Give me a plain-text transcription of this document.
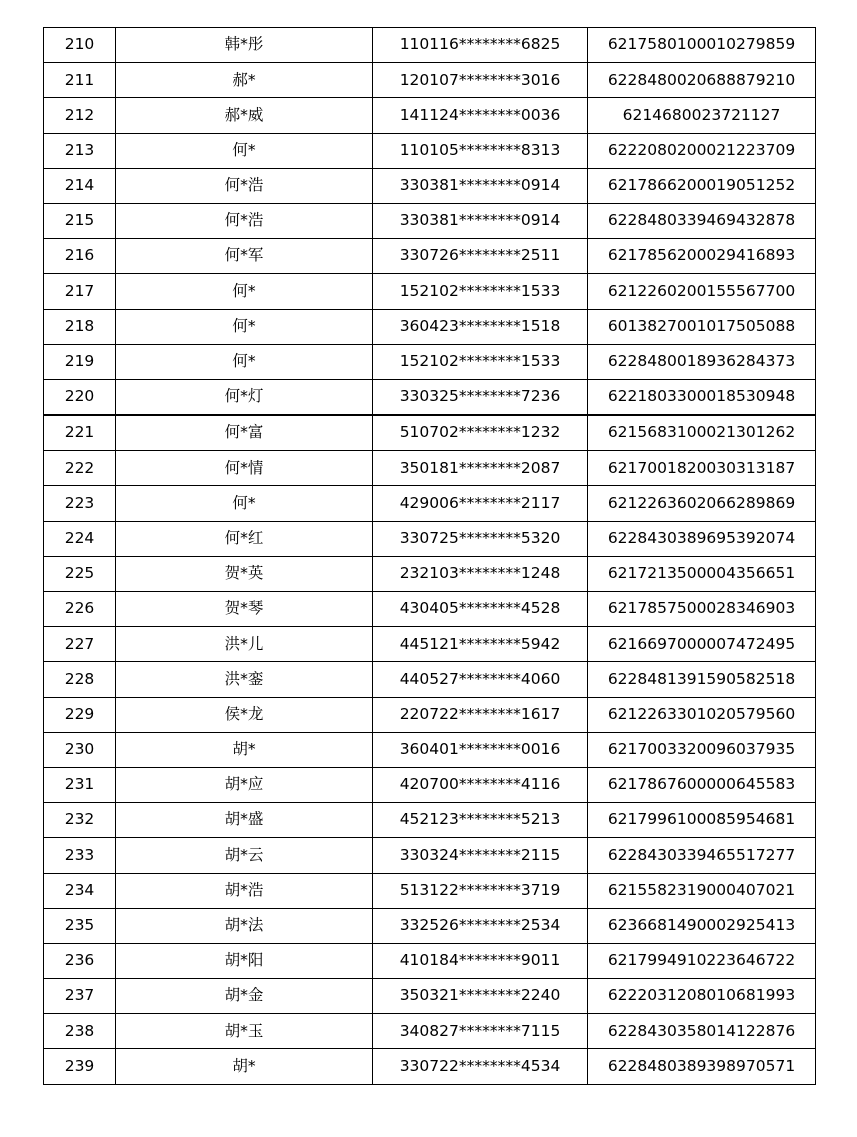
210	韩*彤	110116********6825	6217580100010279859
211	郝*	120107********3016	6228480020688879210
212	郝*威	141124********0036	6214680023721127
213	何*	110105********8313	6222080200021223709
214	何*浩	330381********0914	6217866200019051252
215	何*浩	330381********0914	6228480339469432878
216	何*军	330726********2511	6217856200029416893
217	何*	152102********1533	6212260200155567700
218	何*	360423********1518	6013827001017505088
219	何*	152102********1533	6228480018936284373
220	何*灯	330325********7236	6221803300018530948
221	何*富	510702********1232	6215683100021301262
222	何*情	350181********2087	6217001820030313187
223	何*	429006********2117	6212263602066289869
224	何*红	330725********5320	6228430389695392074
225	贺*英	232103********1248	6217213500004356651
226	贺*琴	430405********4528	6217857500028346903
227	洪*儿	445121********5942	6216697000007472495
228	洪*銮	440527********4060	6228481391590582518
229	侯*龙	220722********1617	6212263301020579560
230	胡*	360401********0016	6217003320096037935
231	胡*应	420700********4116	6217867600000645583
232	胡*盛	452123********5213	6217996100085954681
233	胡*云	330324********2115	6228430339465517277
234	胡*浩	513122********3719	6215582319000407021
235	胡*法	332526********2534	6236681490002925413
236	胡*阳	410184********9011	6217994910223646722
237	胡*金	350321********2240	6222031208010681993
238	胡*玉	340827********7115	6228430358014122876
239	胡*	330722********4534	6228480389398970571
